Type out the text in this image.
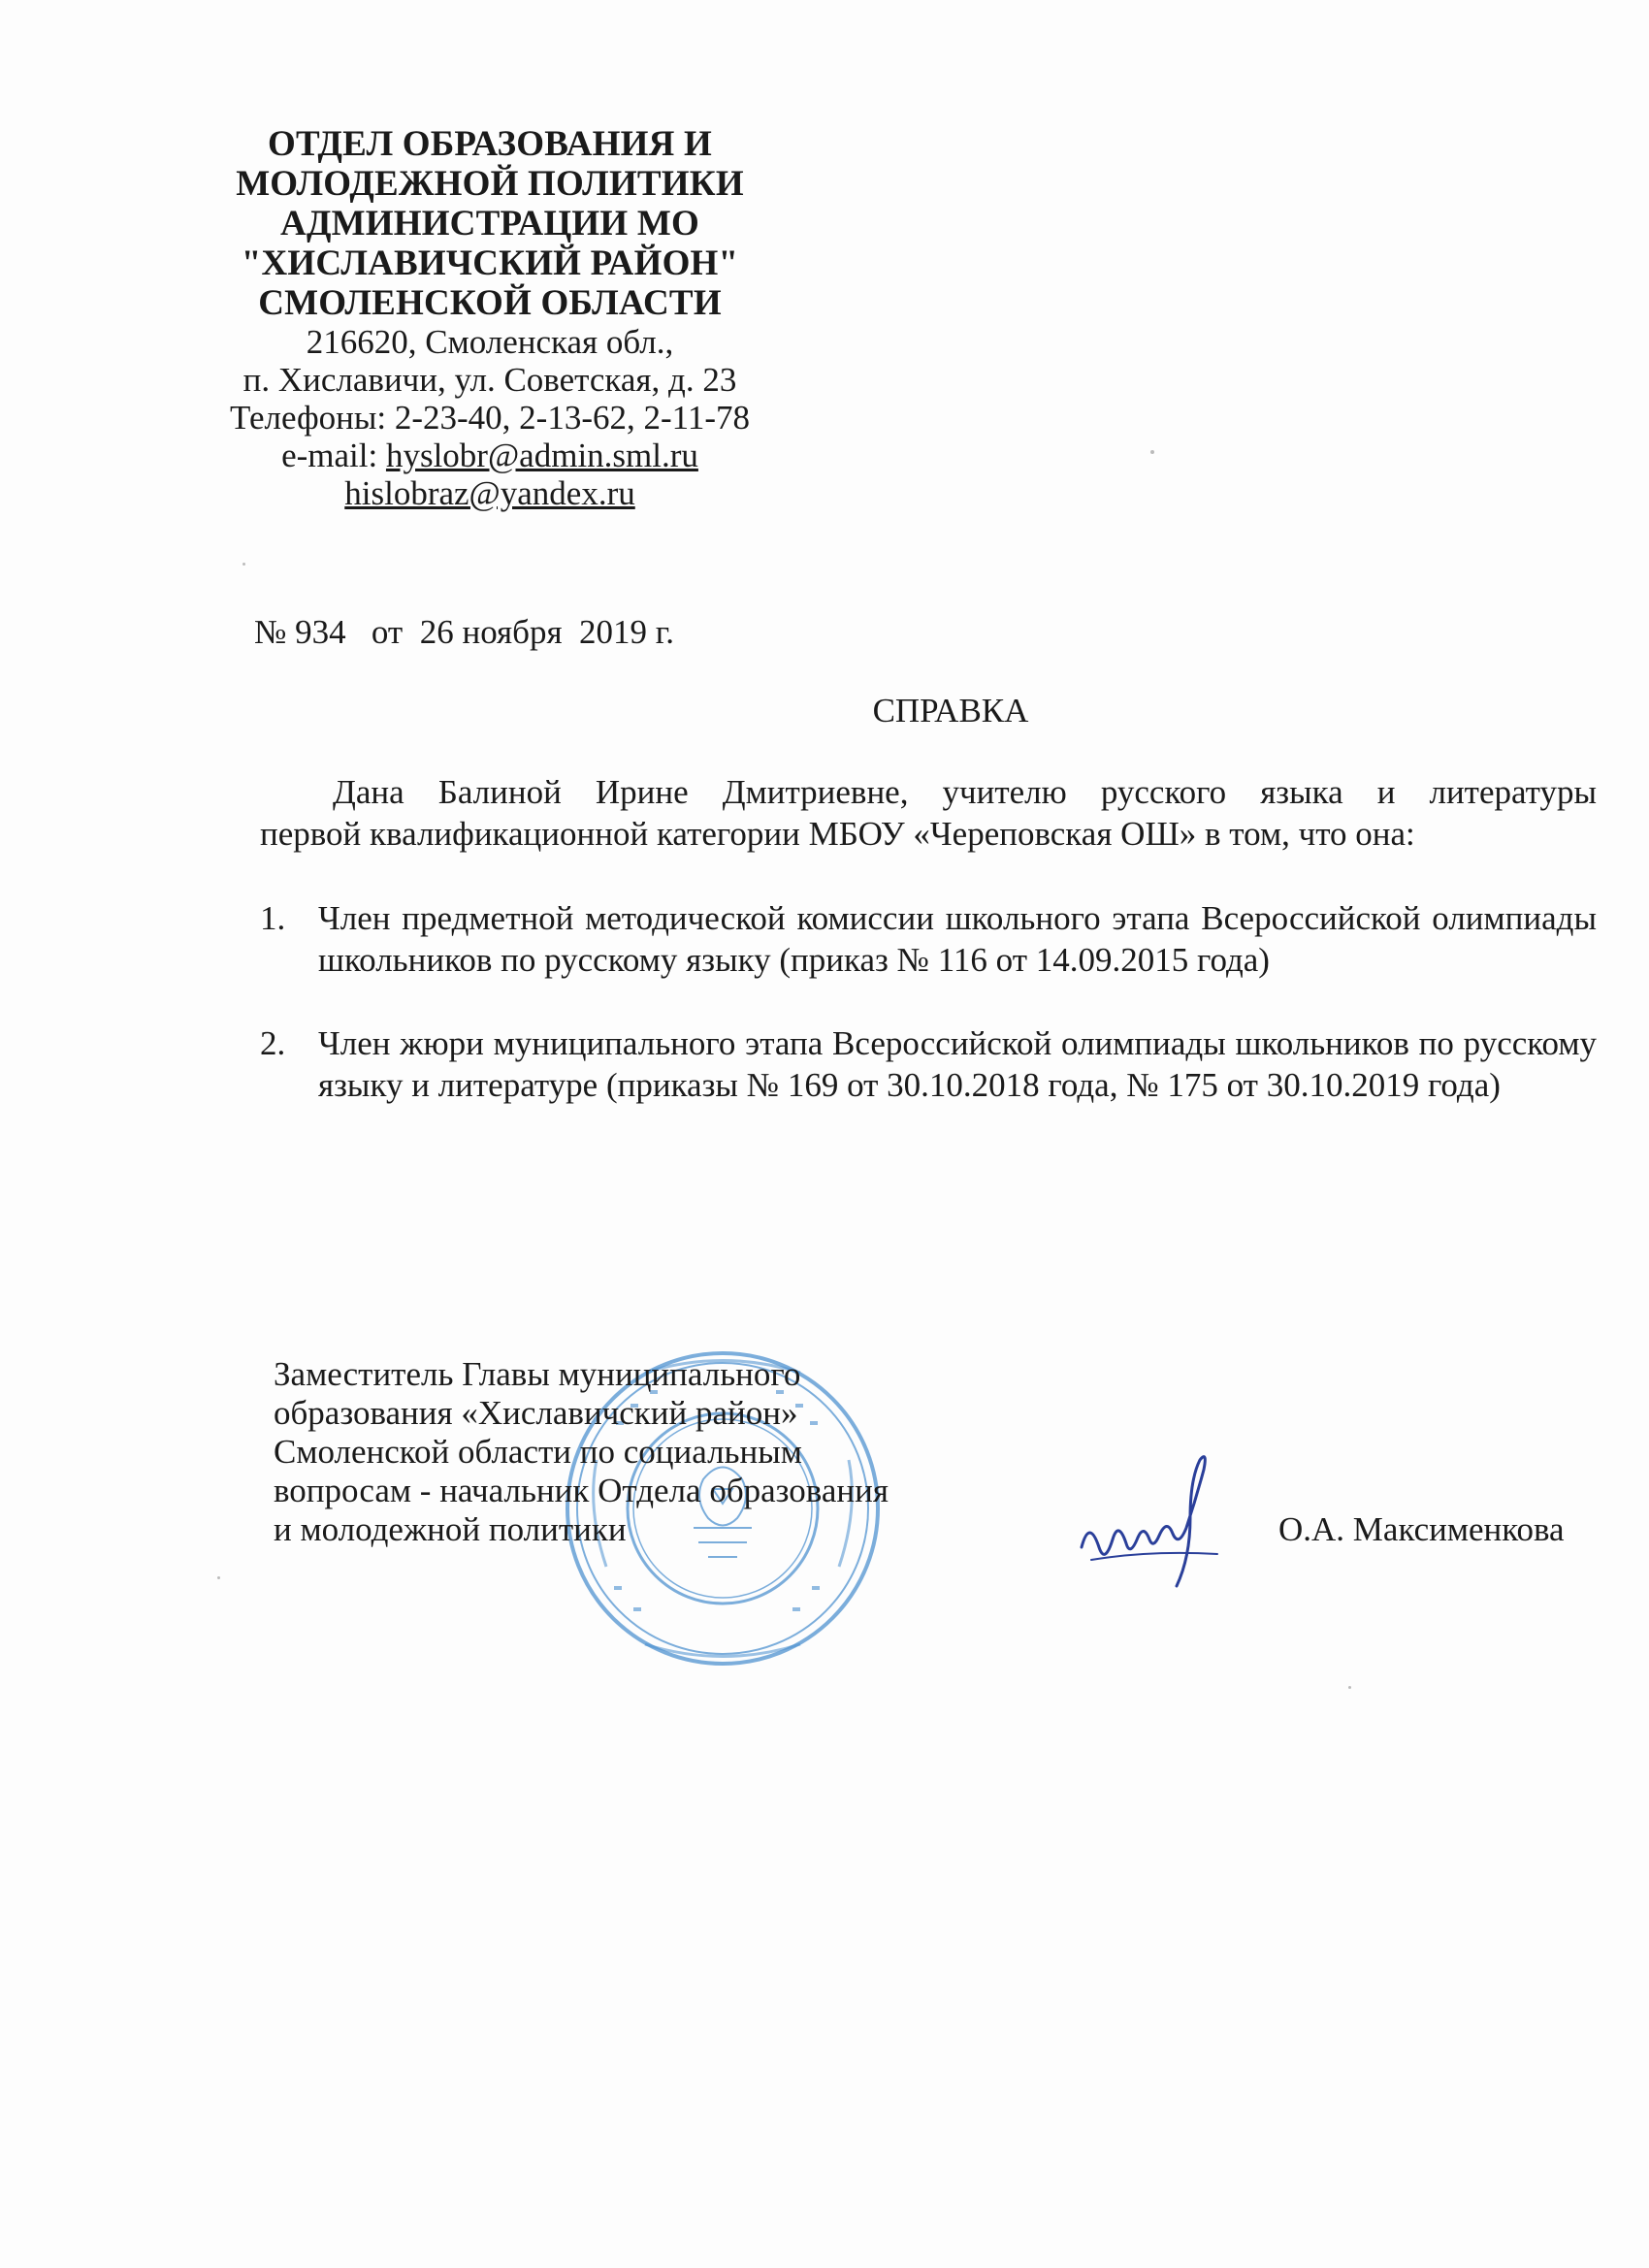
ОТДЕЛ ОБРАЗОВАНИЯ И
МОЛОДЕЖНОЙ ПОЛИТИКИ
АДМИНИСТРАЦИИ МО
"ХИСЛАВИЧСКИЙ РАЙОН"
СМОЛЕНСКОЙ ОБЛАСТИ
216620, Смоленская обл.,
п. Хиславичи, ул. Советская, д. 23
Телефоны: 2-23-40, 2-13-62, 2-11-78
e-mail: hyslobr@admin.sml.ru
hislobraz@yandex.ru
№ 934   от  26 ноября  2019 г.
СПРАВКА
Дана Балиной Ирине Дмитриевне, учителю русского языка и литературы
первой квалификационной категории МБОУ «Череповская ОШ» в том, что она:
1. Член предметной методической комиссии школьного этапа Всероссийской олимпиады школьников по русскому языку (приказ № 116 от 14.09.2015 года)
2. Член жюри муниципального этапа Всероссийской олимпиады школьников по русскому языку и литературе (приказы № 169 от 30.10.2018 года, № 175 от 30.10.2019 года)
Заместитель Главы муниципального
образования «Хиславичский район»
Смоленской области по социальным
вопросам - начальник Отдела образования
и молодежной политики	О.А. Максименкова
